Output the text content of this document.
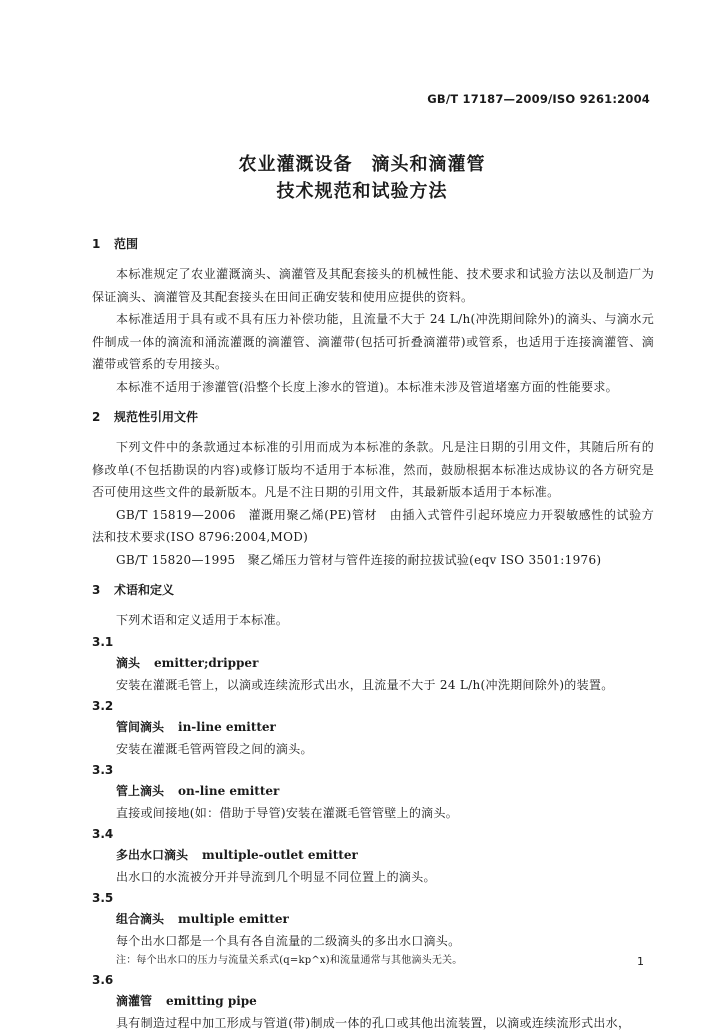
GB/T 17187—2009/ISO 9261:2004
农业灌溉设备　滴头和滴灌管
技术规范和试验方法
1 范围

本标准规定了农业灌溉滴头、滴灌管及其配套接头的机械性能、技术要求和试验方法以及制造厂为保证滴头、滴灌管及其配套接头在田间正确安装和使用应提供的资料。

本标准适用于具有或不具有压力补偿功能，且流量不大于 24 L/h(冲洗期间除外)的滴头、与滴水元件制成一体的滴流和涌流灌溉的滴灌管、滴灌带(包括可折叠滴灌带)或管系，也适用于连接滴灌管、滴灌带或管系的专用接头。

本标准不适用于渗灌管(沿整个长度上渗水的管道)。本标准未涉及管道堵塞方面的性能要求。

2 规范性引用文件

下列文件中的条款通过本标准的引用而成为本标准的条款。凡是注日期的引用文件，其随后所有的修改单(不包括勘误的内容)或修订版均不适用于本标准，然而，鼓励根据本标准达成协议的各方研究是否可使用这些文件的最新版本。凡是不注日期的引用文件，其最新版本适用于本标准。

GB/T 15819—2006　灌溉用聚乙烯(PE)管材　由插入式管件引起环境应力开裂敏感性的试验方法和技术要求(ISO 8796:2004,MOD)

GB/T 15820—1995　聚乙烯压力管材与管件连接的耐拉拔试验(eqv ISO 3501:1976)

3 术语和定义

下列术语和定义适用于本标准。

3.1
滴头 emitter;dripper
安装在灌溉毛管上，以滴或连续流形式出水，且流量不大于 24 L/h(冲洗期间除外)的装置。
3.2
管间滴头 in-line emitter
安装在灌溉毛管两管段之间的滴头。
3.3
管上滴头 on-line emitter
直接或间接地(如：借助于导管)安装在灌溉毛管管壁上的滴头。
3.4
多出水口滴头 multiple-outlet emitter
出水口的水流被分开并导流到几个明显不同位置上的滴头。
3.5
组合滴头 multiple emitter
每个出水口都是一个具有各自流量的二级滴头的多出水口滴头。
注：每个出水口的压力与流量关系式(q=kp^x)和流量通常与其他滴头无关。
3.6
滴灌管 emitting pipe
具有制造过程中加工形成与管道(带)制成一体的孔口或其他出流装置，以滴或连续流形式出水，
1
